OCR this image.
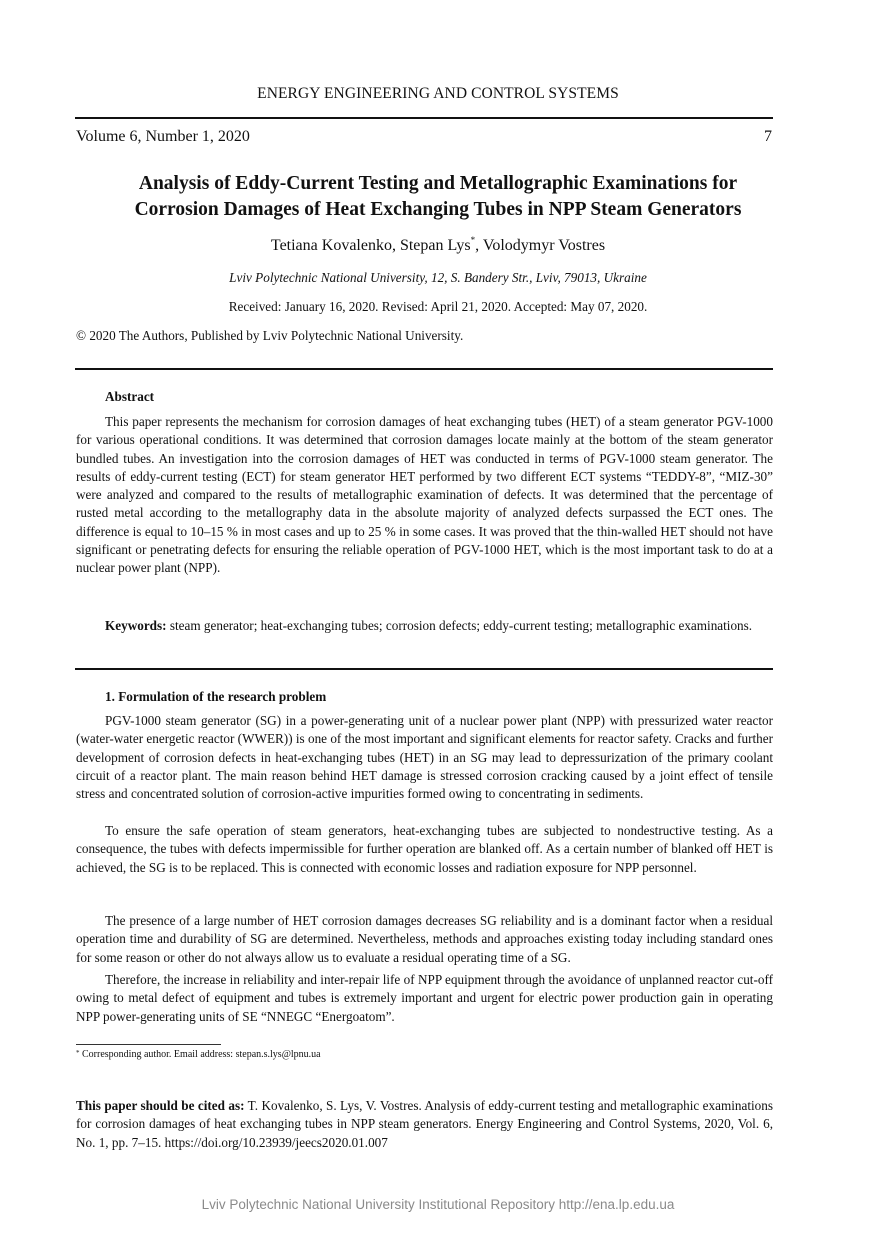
ENERGY ENGINEERING AND CONTROL SYSTEMS
Volume 6, Number 1, 2020	7
Analysis of Eddy-Current Testing and Metallographic Examinations for
Corrosion Damages of Heat Exchanging Tubes in NPP Steam Generators
Tetiana Kovalenko, Stepan Lys*, Volodymyr Vostres
Lviv Polytechnic National University, 12, S. Bandery Str., Lviv, 79013, Ukraine
Received: January 16, 2020. Revised: April 21, 2020. Accepted: May 07, 2020.
© 2020 The Authors, Published by Lviv Polytechnic National University.
Abstract

This paper represents the mechanism for corrosion damages of heat exchanging tubes (HET) of a steam generator PGV-1000 for various operational conditions. It was determined that corrosion damages locate mainly at the bottom of the steam generator bundled tubes. An investigation into the corrosion damages of HET was conducted in terms of PGV-1000 steam generator. The results of eddy-current testing (ECT) for steam generator HET performed by two different ECT systems “TEDDY-8”, “MIZ-30” were analyzed and compared to the results of metallographic examination of defects. It was determined that the percentage of rusted metal according to the metallography data in the absolute majority of analyzed defects surpassed the ECT ones. The difference is equal to 10–15 % in most cases and up to 25 % in some cases. It was proved that the thin-walled HET should not have significant or penetrating defects for ensuring the reliable operation of PGV-1000 HET, which is the most important task to do at a nuclear power plant (NPP).

Keywords: steam generator; heat-exchanging tubes; corrosion defects; eddy-current testing; metallographic examinations.

1. Formulation of the research problem

PGV-1000 steam generator (SG) in a power-generating unit of a nuclear power plant (NPP) with pressurized water reactor (water-water energetic reactor (WWER)) is one of the most important and significant elements for reactor safety. Cracks and further development of corrosion defects in heat-exchanging tubes (HET) in an SG may lead to depressurization of the primary coolant circuit of a reactor plant. The main reason behind HET damage is stressed corrosion cracking caused by a joint effect of tensile stress and concentrated solution of corrosion-active impurities formed owing to concentrating in sediments.

To ensure the safe operation of steam generators, heat-exchanging tubes are subjected to nondestructive testing. As a consequence, the tubes with defects impermissible for further operation are blanked off. As a certain number of blanked off HET is achieved, the SG is to be replaced. This is connected with economic losses and radiation exposure for NPP personnel.

The presence of a large number of HET corrosion damages decreases SG reliability and is a dominant factor when a residual operation time and durability of SG are determined. Nevertheless, methods and approaches existing today including standard ones for some reason or other do not always allow us to evaluate a residual operating time of a SG.

Therefore, the increase in reliability and inter-repair life of NPP equipment through the avoidance of unplanned reactor cut-off owing to metal defect of equipment and tubes is extremely important and urgent for electric power production gain in operating NPP power-generating units of SE “NNEGC “Energoatom”.

* Corresponding author. Email address: stepan.s.lys@lpnu.ua

This paper should be cited as: T. Kovalenko, S. Lys, V. Vostres. Analysis of eddy-current testing and metallographic examinations for corrosion damages of heat exchanging tubes in NPP steam generators. Energy Engineering and Control Systems, 2020, Vol. 6, No. 1, pp. 7–15. https://doi.org/10.23939/jeecs2020.01.007

Lviv Polytechnic National University Institutional Repository http://ena.lp.edu.ua
